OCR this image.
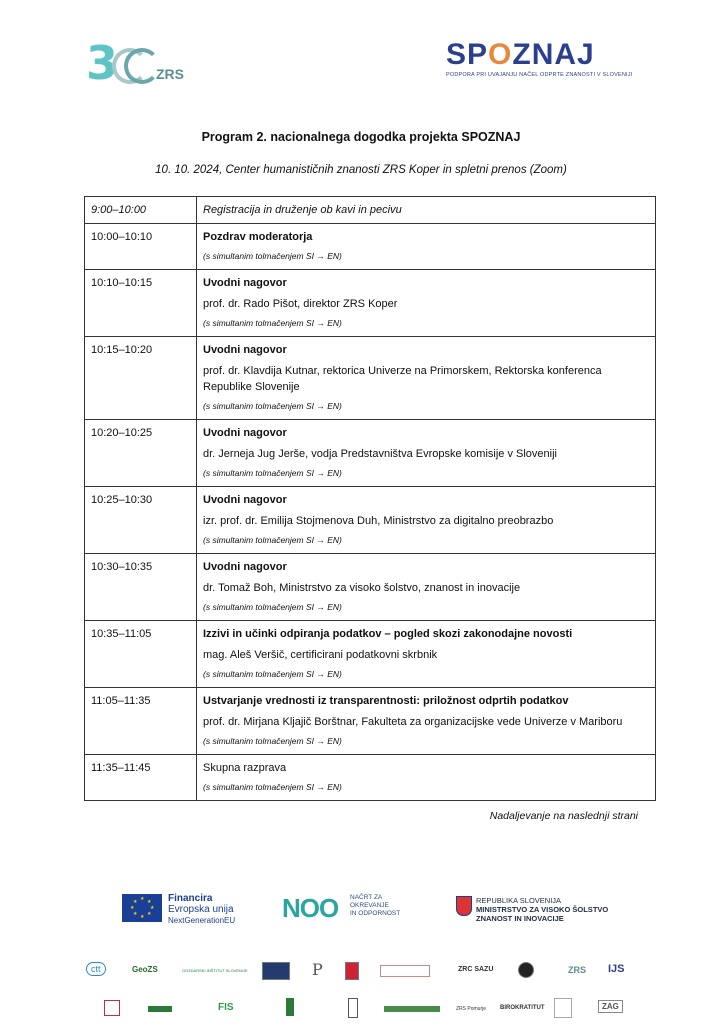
3	ZRS
SPOZNAJ
PODPORA PRI UVAJANJU NAČEL ODPRTE ZNANOSTI V SLOVENIJI
Program 2. nacionalnega dogodka projekta SPOZNAJ
10. 10. 2024, Center humanističnih znanosti ZRS Koper in spletni prenos (Zoom)
9:00–10:00	Registracija in druženje ob kavi in pecivu

10:00–10:10	Pozdrav moderatorja
(s simultanim tolmačenjem SI → EN)

10:10–10:15	Uvodni nagovor
prof. dr. Rado Pišot, direktor ZRS Koper
(s simultanim tolmačenjem SI → EN)

10:15–10:20	Uvodni nagovor
prof. dr. Klavdija Kutnar, rektorica Univerze na Primorskem, Rektorska konferenca Republike Slovenije
(s simultanim tolmačenjem SI → EN)

10:20–10:25	Uvodni nagovor
dr. Jerneja Jug Jerše, vodja Predstavništva Evropske komisije v Sloveniji
(s simultanim tolmačenjem SI → EN)

10:25–10:30	Uvodni nagovor
izr. prof. dr. Emilija Stojmenova Duh, Ministrstvo za digitalno preobrazbo
(s simultanim tolmačenjem SI → EN)

10:30–10:35	Uvodni nagovor
dr. Tomaž Boh, Ministrstvo za visoko šolstvo, znanost in inovacije
(s simultanim tolmačenjem SI → EN)

10:35–11:05	Izzivi in učinki odpiranja podatkov – pogled skozi zakonodajne novosti
mag. Aleš Veršič, certificirani podatkovni skrbnik
(s simultanim tolmačenjem SI → EN)

11:05–11:35	Ustvarjanje vrednosti iz transparentnosti: priložnost odprtih podatkov
prof. dr. Mirjana Kljajič Borštnar, Fakulteta za organizacijske vede Univerze v Mariboru
(s simultanim tolmačenjem SI → EN)

11:35–11:45	Skupna razprava
(s simultanim tolmačenjem SI → EN)
Nadaljevanje na naslednji strani
★ ★
★
★
★
★
★
★	Financira
Evropska unija
NextGenerationEU NOO NAČRT ZA
OKREVANJE
IN ODPORNOST
REPUBLIKA SLOVENIJA
MINISTRSTVO ZA VISOKO ŠOLSTVO
ZNANOST IN INOVACIJE
ctt	GeoZS	GOZDARSKI INŠTITUT SLOVENIJE	P	ZRC SAZU	ZRS IJS
FIS	ZRS Pomurje BIROKRATITUT	ZAG
